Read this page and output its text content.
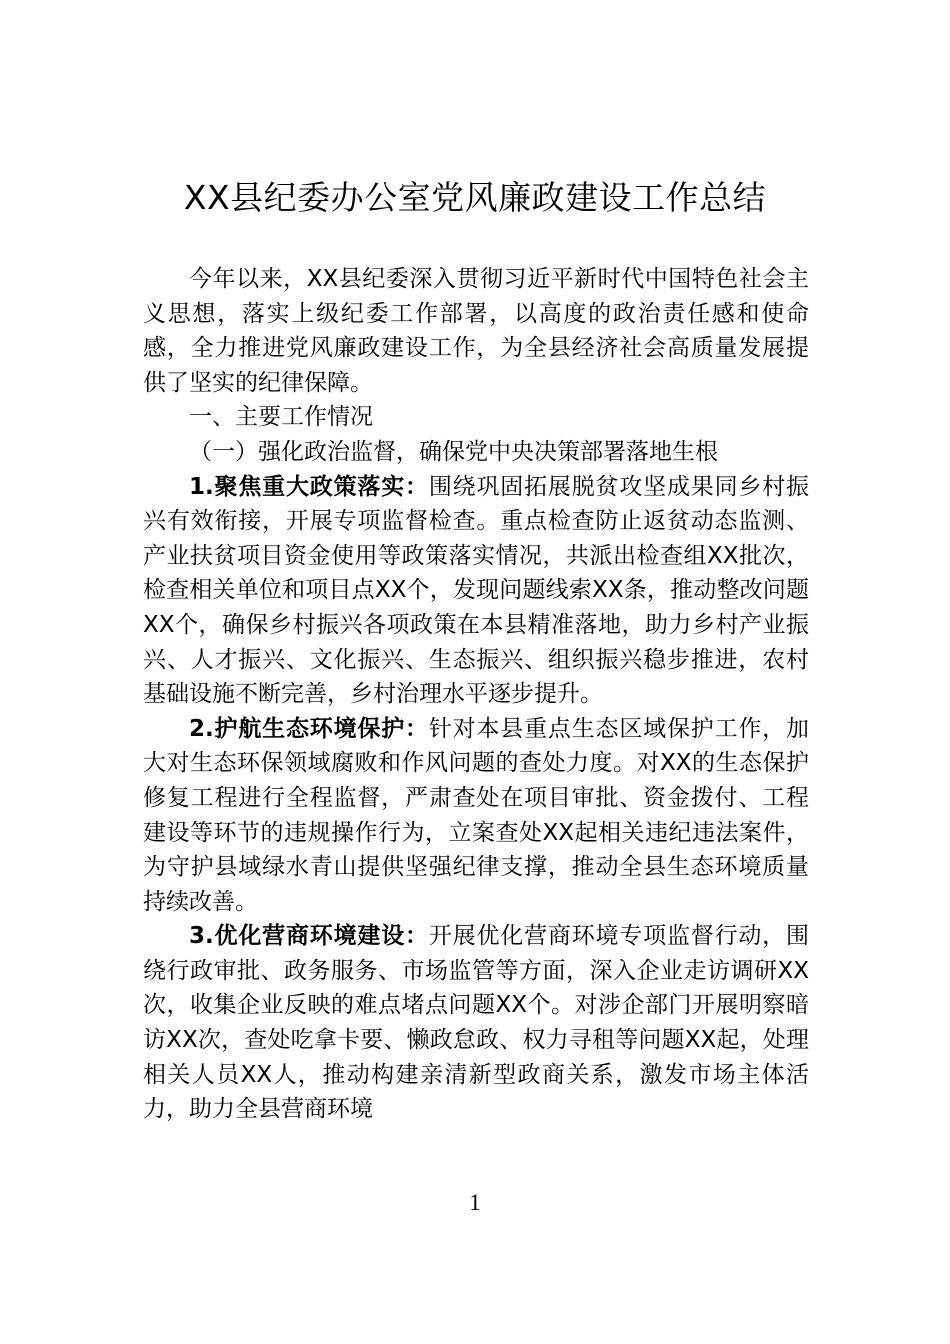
XX县纪委办公室党风廉政建设工作总结

今年以来，XX县纪委深入贯彻习近平新时代中国特色社会主义思想，落实上级纪委工作部署，以高度的政治责任感和使命感，全力推进党风廉政建设工作，为全县经济社会高质量发展提供了坚实的纪律保障。

一、主要工作情况

（一）强化政治监督，确保党中央决策部署落地生根

1.聚焦重大政策落实：围绕巩固拓展脱贫攻坚成果同乡村振兴有效衔接，开展专项监督检查。重点检查防止返贫动态监测、产业扶贫项目资金使用等政策落实情况，共派出检查组XX批次，检查相关单位和项目点XX个，发现问题线索XX条，推动整改问题XX个，确保乡村振兴各项政策在本县精准落地，助力乡村产业振兴、人才振兴、文化振兴、生态振兴、组织振兴稳步推进，农村基础设施不断完善，乡村治理水平逐步提升。

2.护航生态环境保护：针对本县重点生态区域保护工作，加大对生态环保领域腐败和作风问题的查处力度。对XX的生态保护修复工程进行全程监督，严肃查处在项目审批、资金拨付、工程建设等环节的违规操作行为，立案查处XX起相关违纪违法案件，为守护县域绿水青山提供坚强纪律支撑，推动全县生态环境质量持续改善。

3.优化营商环境建设：开展优化营商环境专项监督行动，围绕行政审批、政务服务、市场监管等方面，深入企业走访调研XX次，收集企业反映的难点堵点问题XX个。对涉企部门开展明察暗访XX次，查处吃拿卡要、懒政怠政、权力寻租等问题XX起，处理相关人员XX人，推动构建亲清新型政商关系，激发市场主体活力，助力全县营商环境

1
